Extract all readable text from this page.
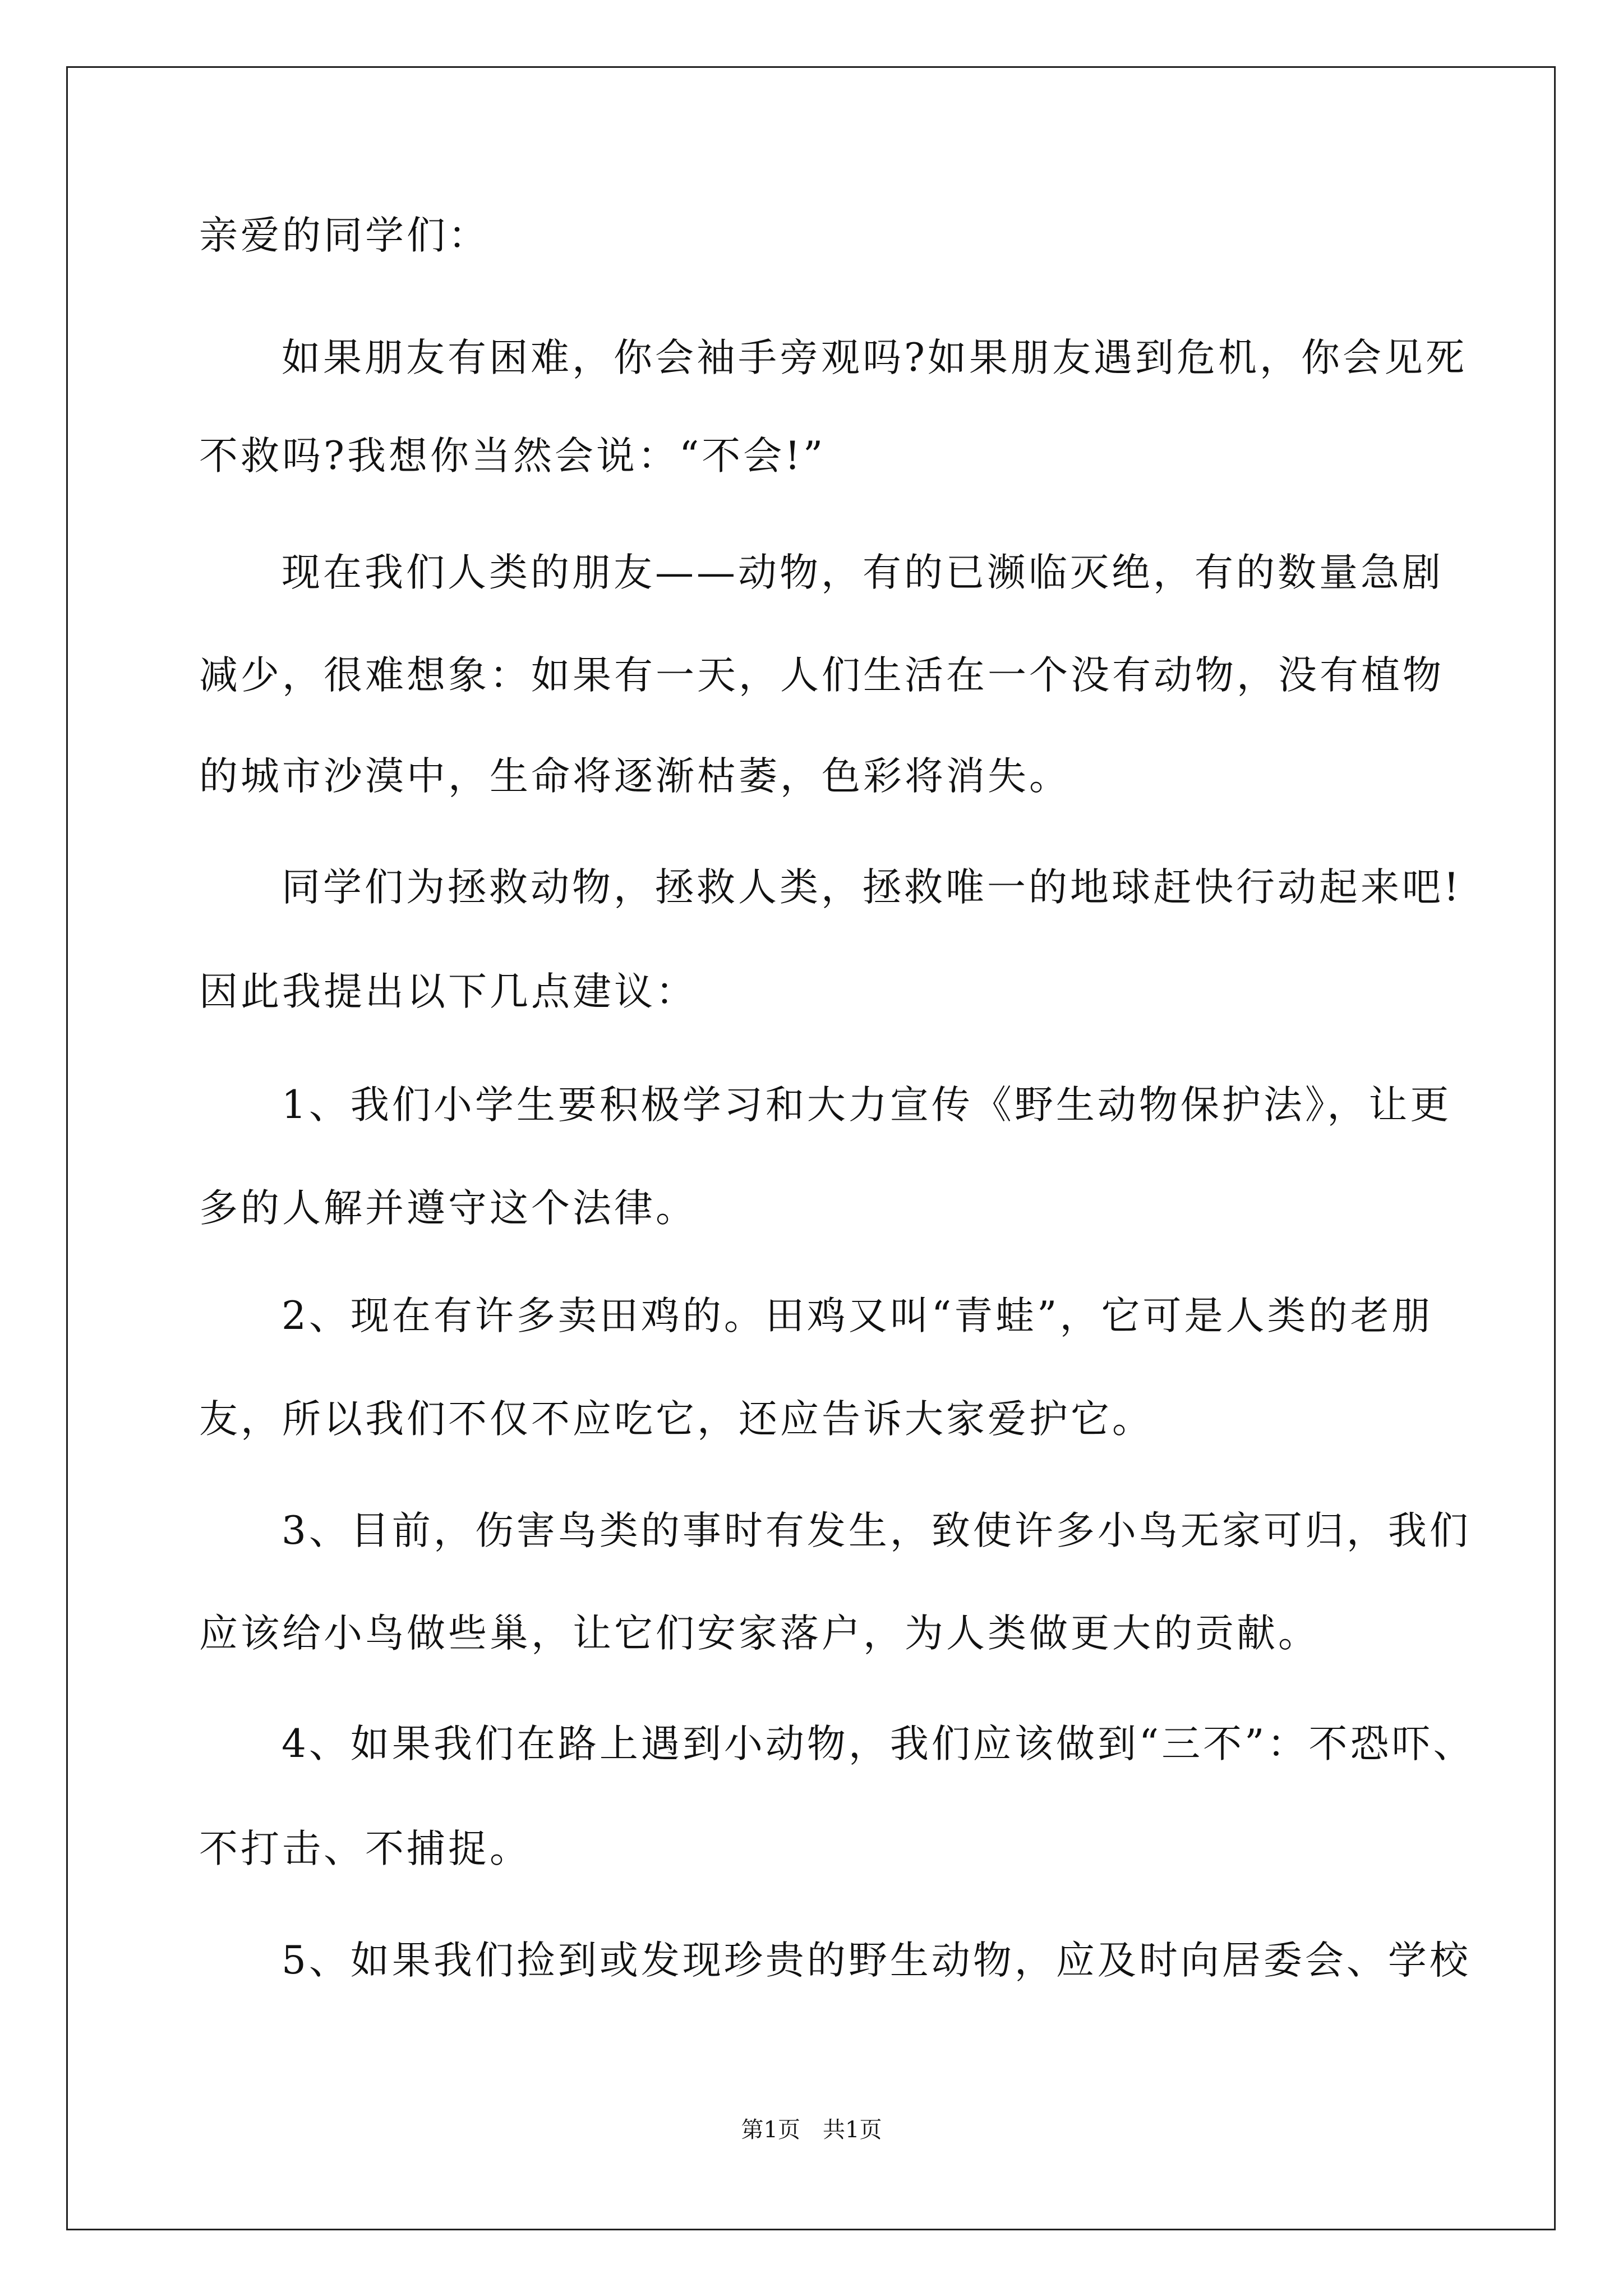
亲爱的同学们：
如果朋友有困难，你会袖手旁观吗?如果朋友遇到危机，你会见死
不救吗?我想你当然会说：“不会!”
现在我们人类的朋友——动物，有的已濒临灭绝，有的数量急剧
减少，很难想象：如果有一天，人们生活在一个没有动物，没有植物
的城市沙漠中，生命将逐渐枯萎，色彩将消失。
同学们为拯救动物，拯救人类，拯救唯一的地球赶快行动起来吧!
因此我提出以下几点建议：
1、我们小学生要积极学习和大力宣传《野生动物保护法》，让更
多的人解并遵守这个法律。
2、现在有许多卖田鸡的。田鸡又叫“青蛙”，它可是人类的老朋
友，所以我们不仅不应吃它，还应告诉大家爱护它。
3、目前，伤害鸟类的事时有发生，致使许多小鸟无家可归，我们
应该给小鸟做些巢，让它们安家落户，为人类做更大的贡献。
4、如果我们在路上遇到小动物，我们应该做到“三不”：不恐吓、
不打击、不捕捉。
5、如果我们捡到或发现珍贵的野生动物，应及时向居委会、学校
第1页 共1页
